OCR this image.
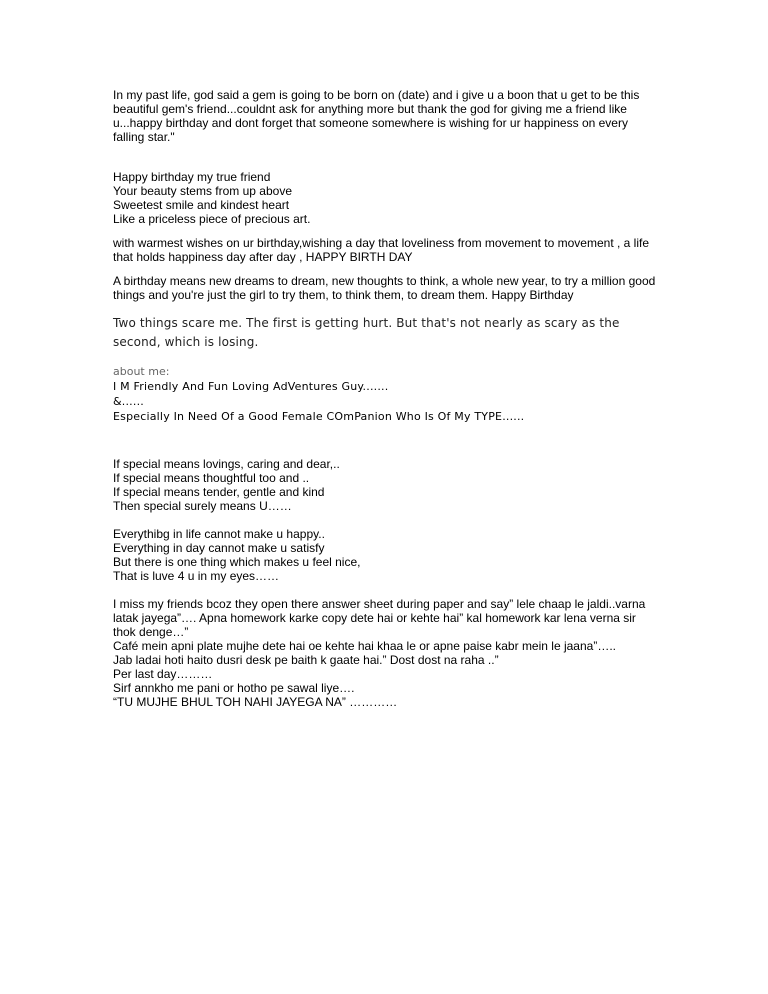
In my past life, god said a gem is going to be born on (date) and i give u a boon that u get to be this beautiful gem's friend...couldnt ask for anything more but thank the god for giving me a friend like u...happy birthday and dont forget that someone somewhere is wishing for ur happiness on every falling star."

Happy birthday my true friend
Your beauty stems from up above
Sweetest smile and kindest heart
Like a priceless piece of precious art.

with warmest wishes on ur birthday,wishing a day that loveliness from movement to movement , a life that holds happiness day after day , HAPPY BIRTH DAY

A birthday means new dreams to dream, new thoughts to think, a whole new year, to try a million good things and you're just the girl to try them, to think them, to dream them. Happy Birthday

Two things scare me. The first is getting hurt. But that's not nearly as scary as the
second, which is losing.

about me:

I M Friendly And Fun Loving AdVentures Guy.......
&......
Especially In Need Of a Good Female COmPanion Who Is Of My TYPE......

If special means lovings, caring and dear,..
If special means thoughtful too and ..
If special means tender, gentle and kind
Then special surely means U……

Everythibg in life cannot make u happy..
Everything in day cannot make u satisfy
But there is one thing which makes u feel nice,
That is luve 4 u in my eyes……

I miss my friends bcoz they open there answer sheet during paper and say” lele chaap le jaldi..varna latak jayega”…. Apna homework karke copy dete hai or kehte hai” kal homework kar lena verna sir thok denge…”
Café mein apni plate mujhe dete hai oe kehte hai khaa le or apne paise kabr mein le jaana”…..
Jab ladai hoti haito dusri desk pe baith k gaate hai.” Dost dost na raha ..”
Per last day………
Sirf annkho me pani or hotho pe sawal liye….
“TU MUJHE BHUL TOH NAHI JAYEGA NA” …………
